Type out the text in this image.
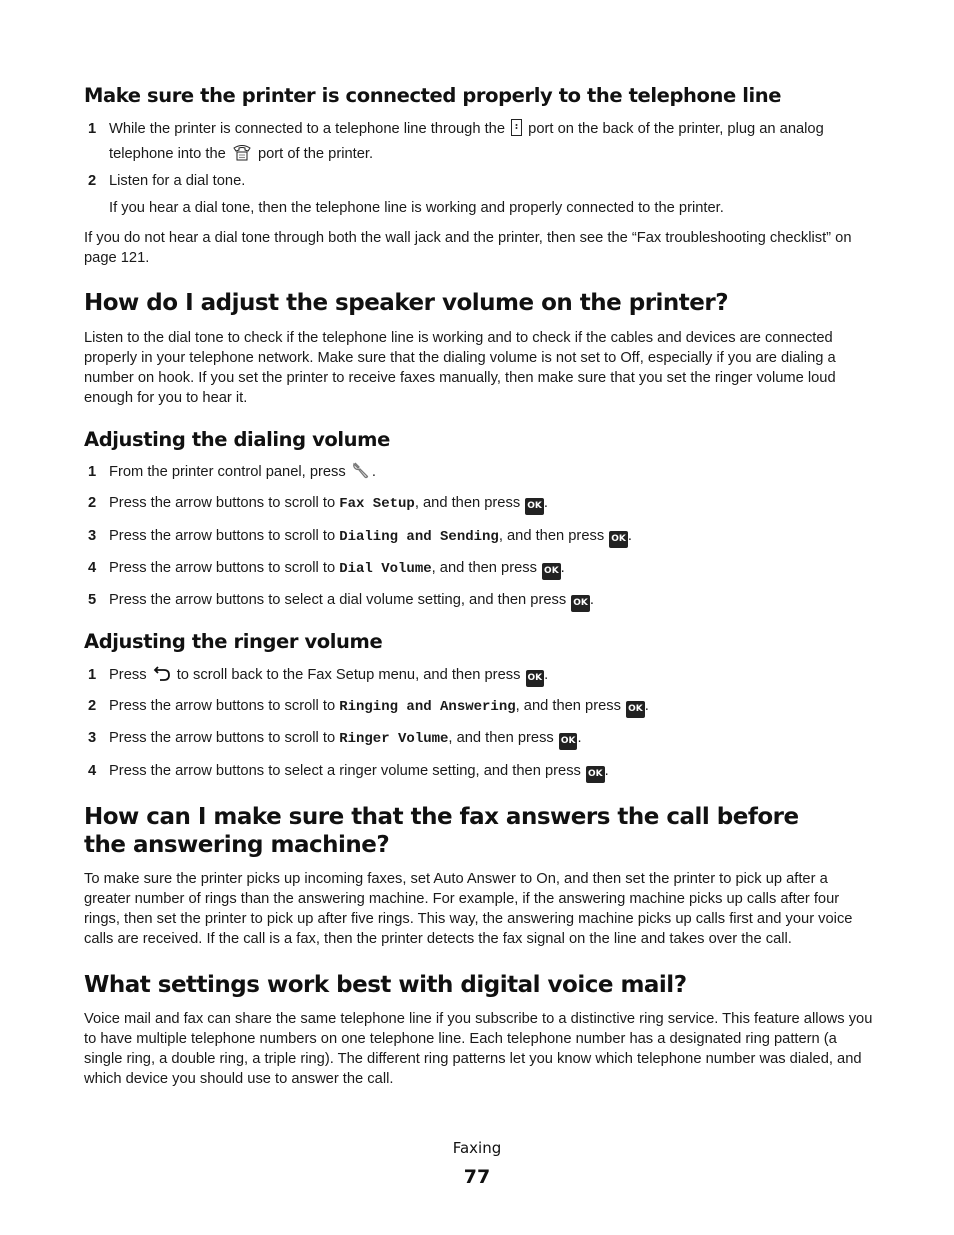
Make sure the printer is connected properly to the telephone line
1 While the printer is connected to a telephone line through the  port on the back of the printer, plug an analog
telephone into the  port of the printer.
2 Listen for a dial tone.
If you hear a dial tone, then the telephone line is working and properly connected to the printer.
If you do not hear a dial tone through both the wall jack and the printer, then see the “Fax troubleshooting checklist” on page 121.
How do I adjust the speaker volume on the printer?
Listen to the dial tone to check if the telephone line is working and to check if the cables and devices are connected properly in your telephone network. Make sure that the dialing volume is not set to Off, especially if you are dialing a number on hook. If you set the printer to receive faxes manually, then make sure that you set the ringer volume loud enough for you to hear it.
Adjusting the dialing volume
1 From the printer control panel, press .
2 Press the arrow buttons to scroll to Fax Setup, and then press OK .
3 Press the arrow buttons to scroll to Dialing and Sending, and then press OK .
4 Press the arrow buttons to scroll to Dial Volume, and then press OK .
5 Press the arrow buttons to select a dial volume setting, and then press OK .
Adjusting the ringer volume
1 Press  to scroll back to the Fax Setup menu, and then press OK .
2 Press the arrow buttons to scroll to Ringing and Answering, and then press OK .
3 Press the arrow buttons to scroll to Ringer Volume, and then press OK .
4 Press the arrow buttons to select a ringer volume setting, and then press OK .
How can I make sure that the fax answers the call before the answering machine?
To make sure the printer picks up incoming faxes, set Auto Answer to On, and then set the printer to pick up after a greater number of rings than the answering machine. For example, if the answering machine picks up calls after four rings, then set the printer to pick up after five rings. This way, the answering machine picks up calls first and your voice calls are received. If the call is a fax, then the printer detects the fax signal on the line and takes over the call.
What settings work best with digital voice mail?
Voice mail and fax can share the same telephone line if you subscribe to a distinctive ring service. This feature allows you to have multiple telephone numbers on one telephone line. Each telephone number has a designated ring pattern (a single ring, a double ring, a triple ring). The different ring patterns let you know which telephone number was dialed, and which device you should use to answer the call.
Faxing
77
